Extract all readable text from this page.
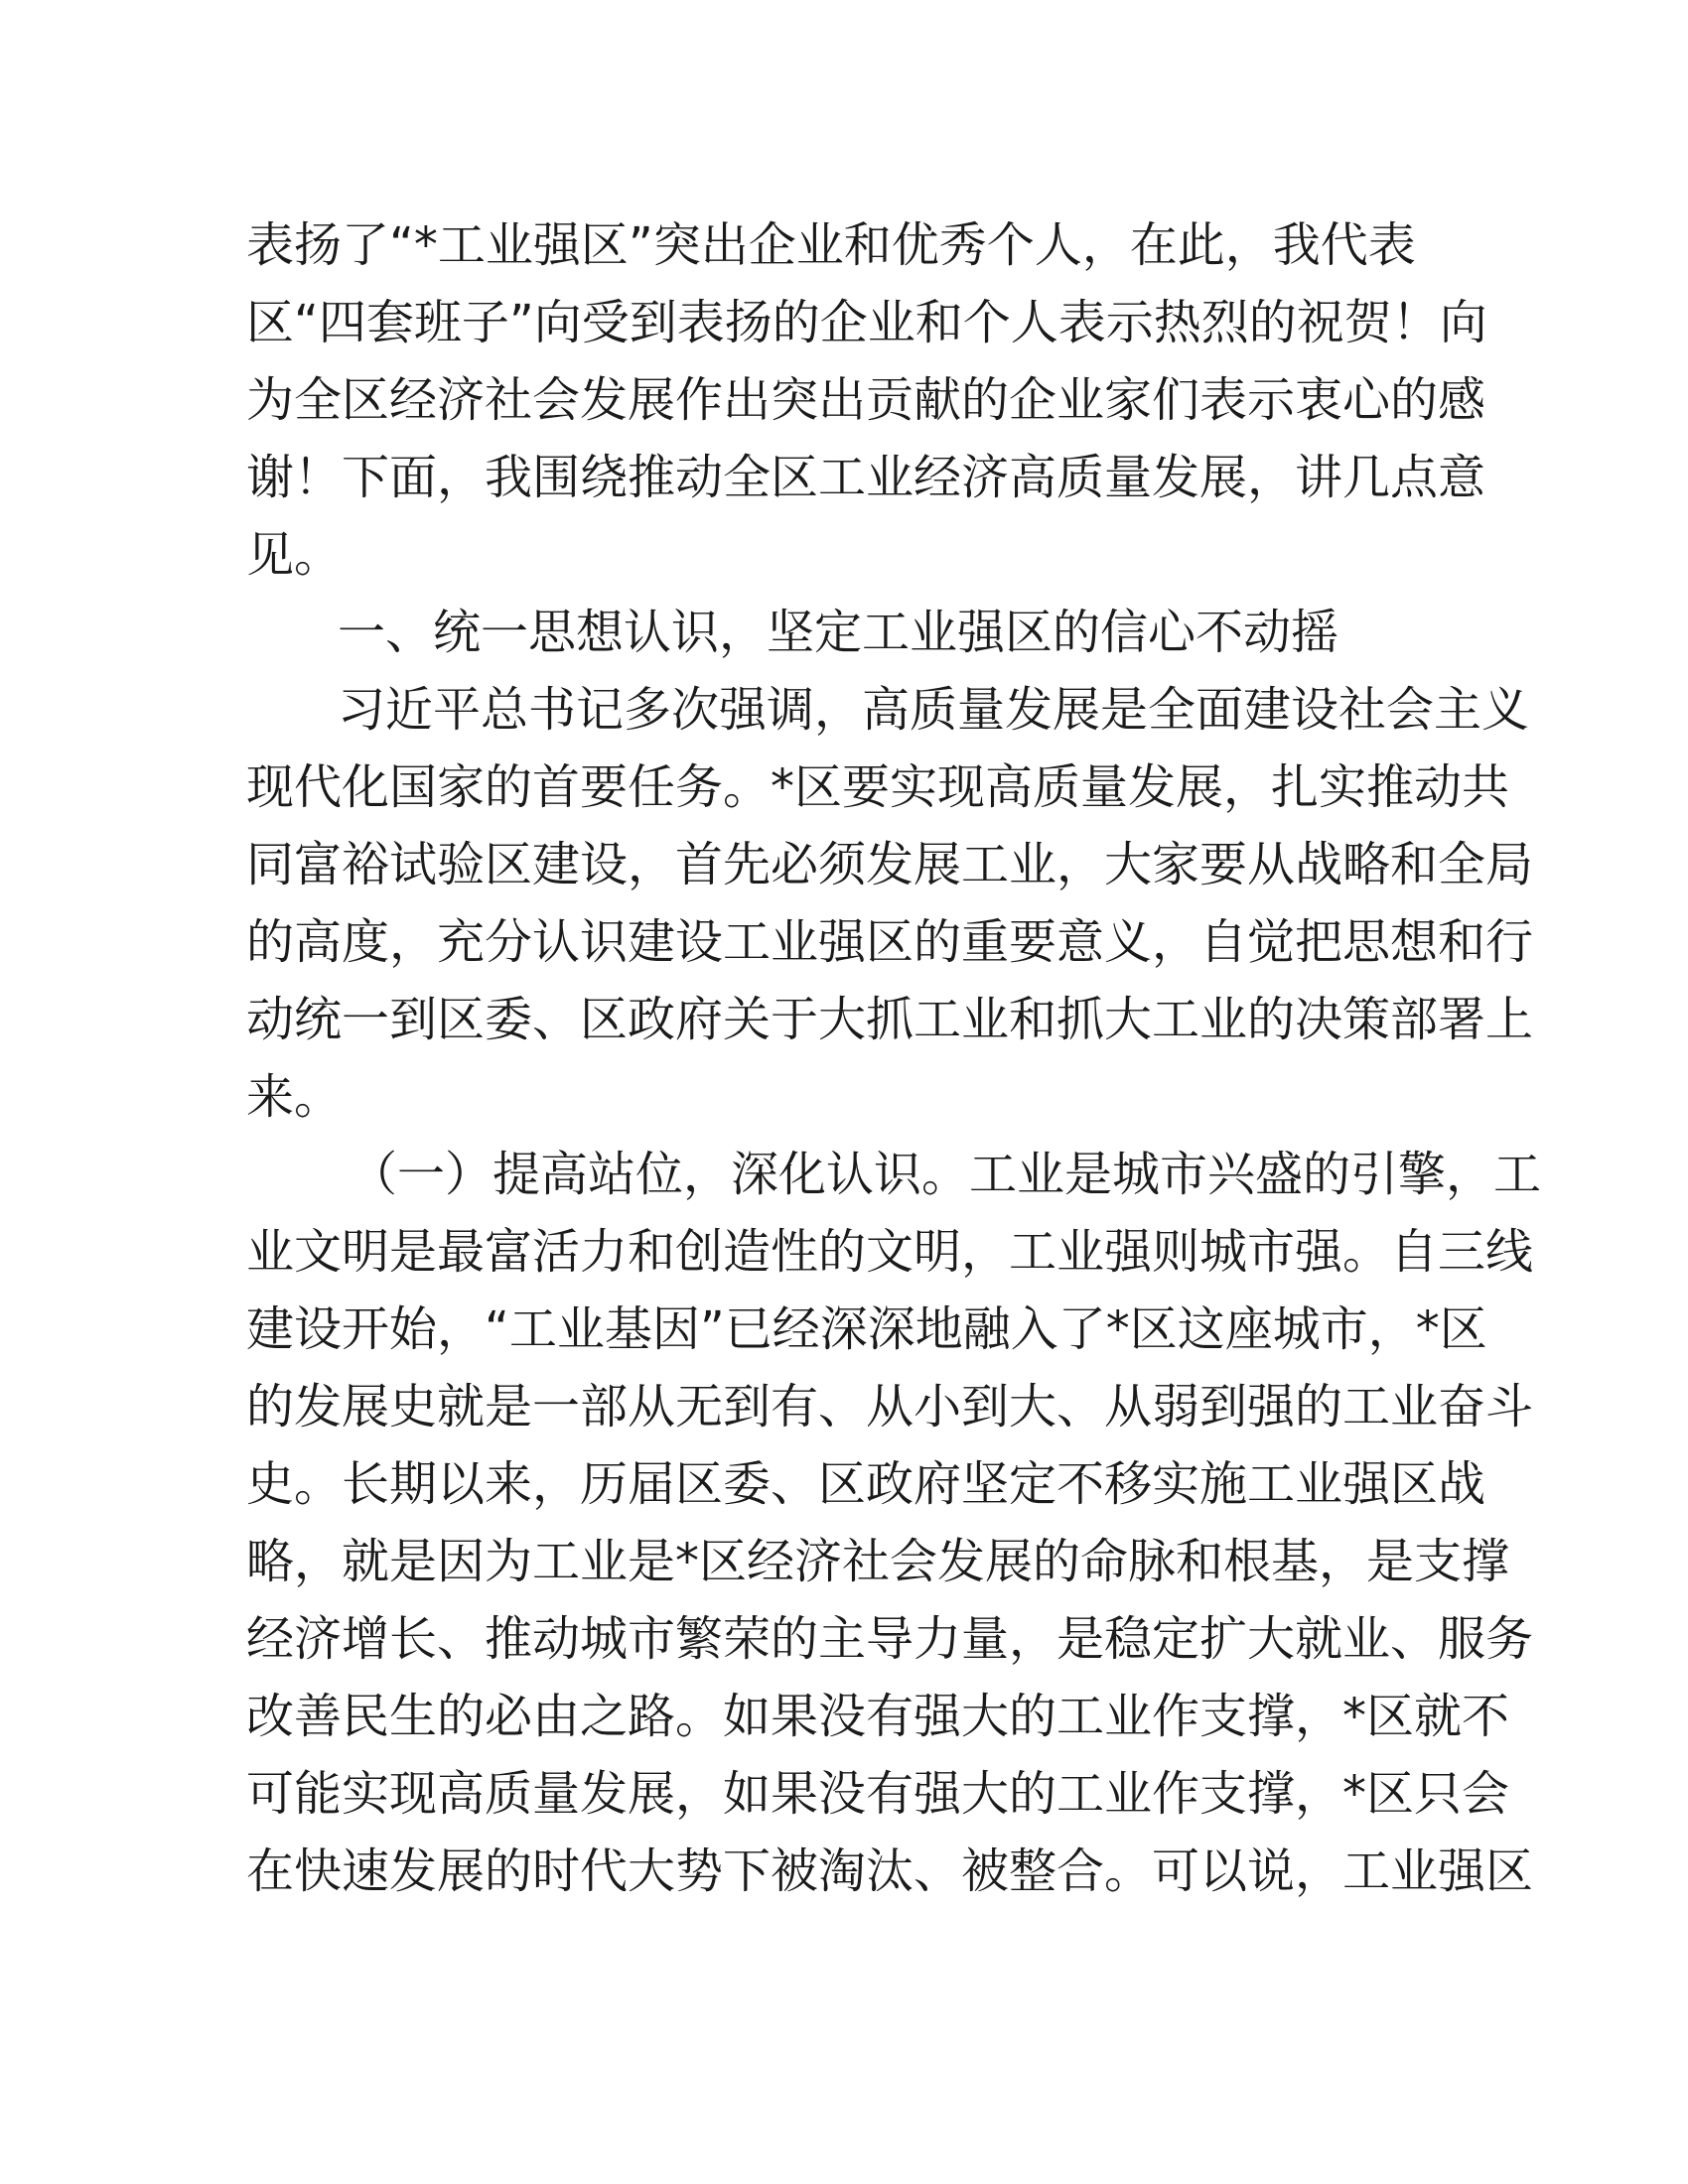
表扬了“*工业强区”突出企业和优秀个人，在此，我代表
区“四套班子”向受到表扬的企业和个人表示热烈的祝贺！向
为全区经济社会发展作出突出贡献的企业家们表示衷心的感
谢！下面，我围绕推动全区工业经济高质量发展，讲几点意
见。

一、统一思想认识，坚定工业强区的信心不动摇

习近平总书记多次强调，高质量发展是全面建设社会主义
现代化国家的首要任务。*区要实现高质量发展，扎实推动共
同富裕试验区建设，首先必须发展工业，大家要从战略和全局
的高度，充分认识建设工业强区的重要意义，自觉把思想和行
动统一到区委、区政府关于大抓工业和抓大工业的决策部署上
来。

（一）提高站位，深化认识。工业是城市兴盛的引擎，工
业文明是最富活力和创造性的文明，工业强则城市强。自三线
建设开始，“工业基因”已经深深地融入了*区这座城市，*区
的发展史就是一部从无到有、从小到大、从弱到强的工业奋斗
史。长期以来，历届区委、区政府坚定不移实施工业强区战
略，就是因为工业是*区经济社会发展的命脉和根基，是支撑
经济增长、推动城市繁荣的主导力量，是稳定扩大就业、服务
改善民生的必由之路。如果没有强大的工业作支撑，*区就不
可能实现高质量发展，如果没有强大的工业作支撑，*区只会
在快速发展的时代大势下被淘汰、被整合。可以说，工业强区
